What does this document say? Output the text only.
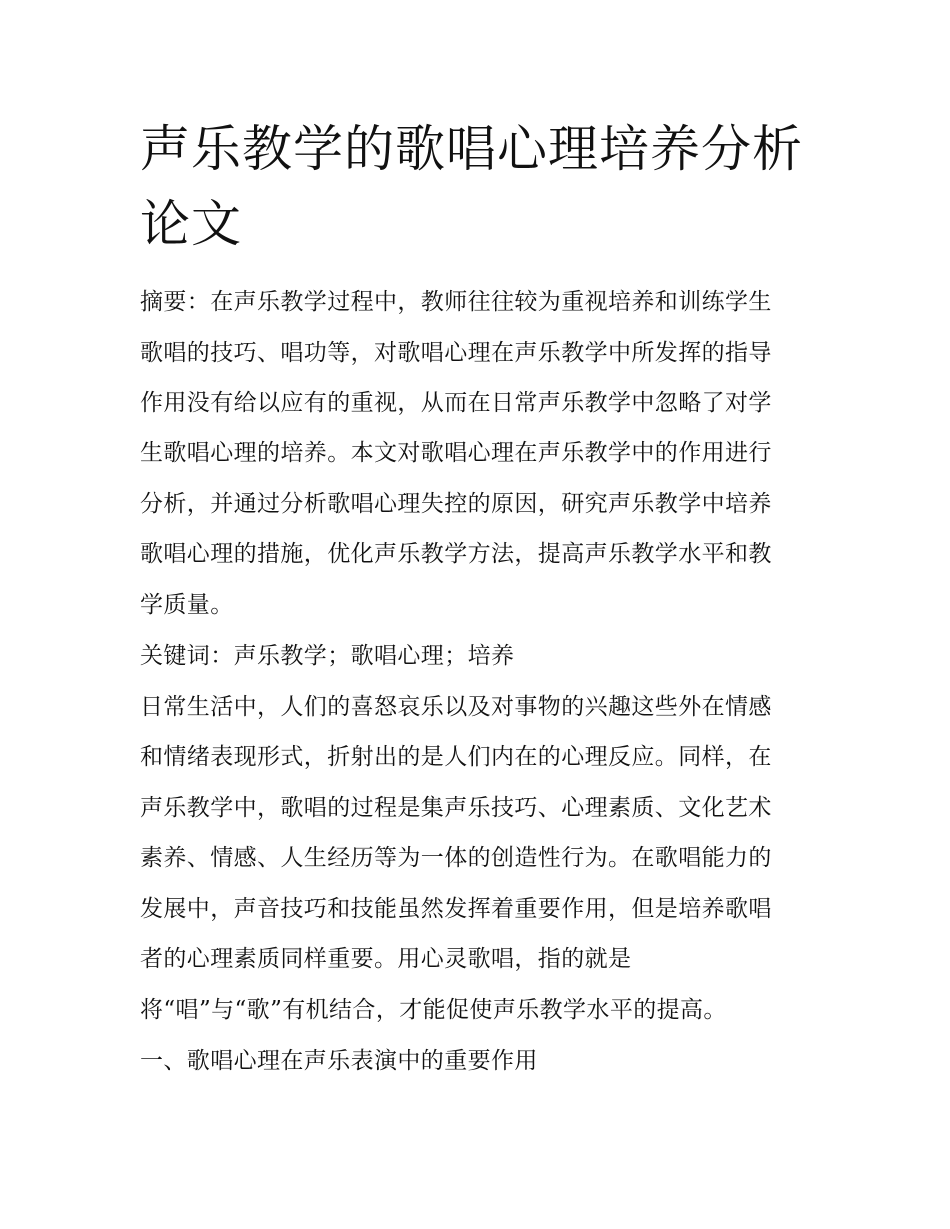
声乐教学的歌唱心理培养分析论文

摘要：在声乐教学过程中，教师往往较为重视培养和训练学生

歌唱的技巧、唱功等，对歌唱心理在声乐教学中所发挥的指导

作用没有给以应有的重视，从而在日常声乐教学中忽略了对学

生歌唱心理的培养。本文对歌唱心理在声乐教学中的作用进行

分析，并通过分析歌唱心理失控的原因，研究声乐教学中培养

歌唱心理的措施，优化声乐教学方法，提高声乐教学水平和教

学质量。

关键词：声乐教学；歌唱心理；培养

日常生活中，人们的喜怒哀乐以及对事物的兴趣这些外在情感

和情绪表现形式，折射出的是人们内在的心理反应。同样，在

声乐教学中，歌唱的过程是集声乐技巧、心理素质、文化艺术

素养、情感、人生经历等为一体的创造性行为。在歌唱能力的

发展中，声音技巧和技能虽然发挥着重要作用，但是培养歌唱

者的心理素质同样重要。用心灵歌唱，指的就是

将“唱”与“歌”有机结合，才能促使声乐教学水平的提高。

一、歌唱心理在声乐表演中的重要作用
